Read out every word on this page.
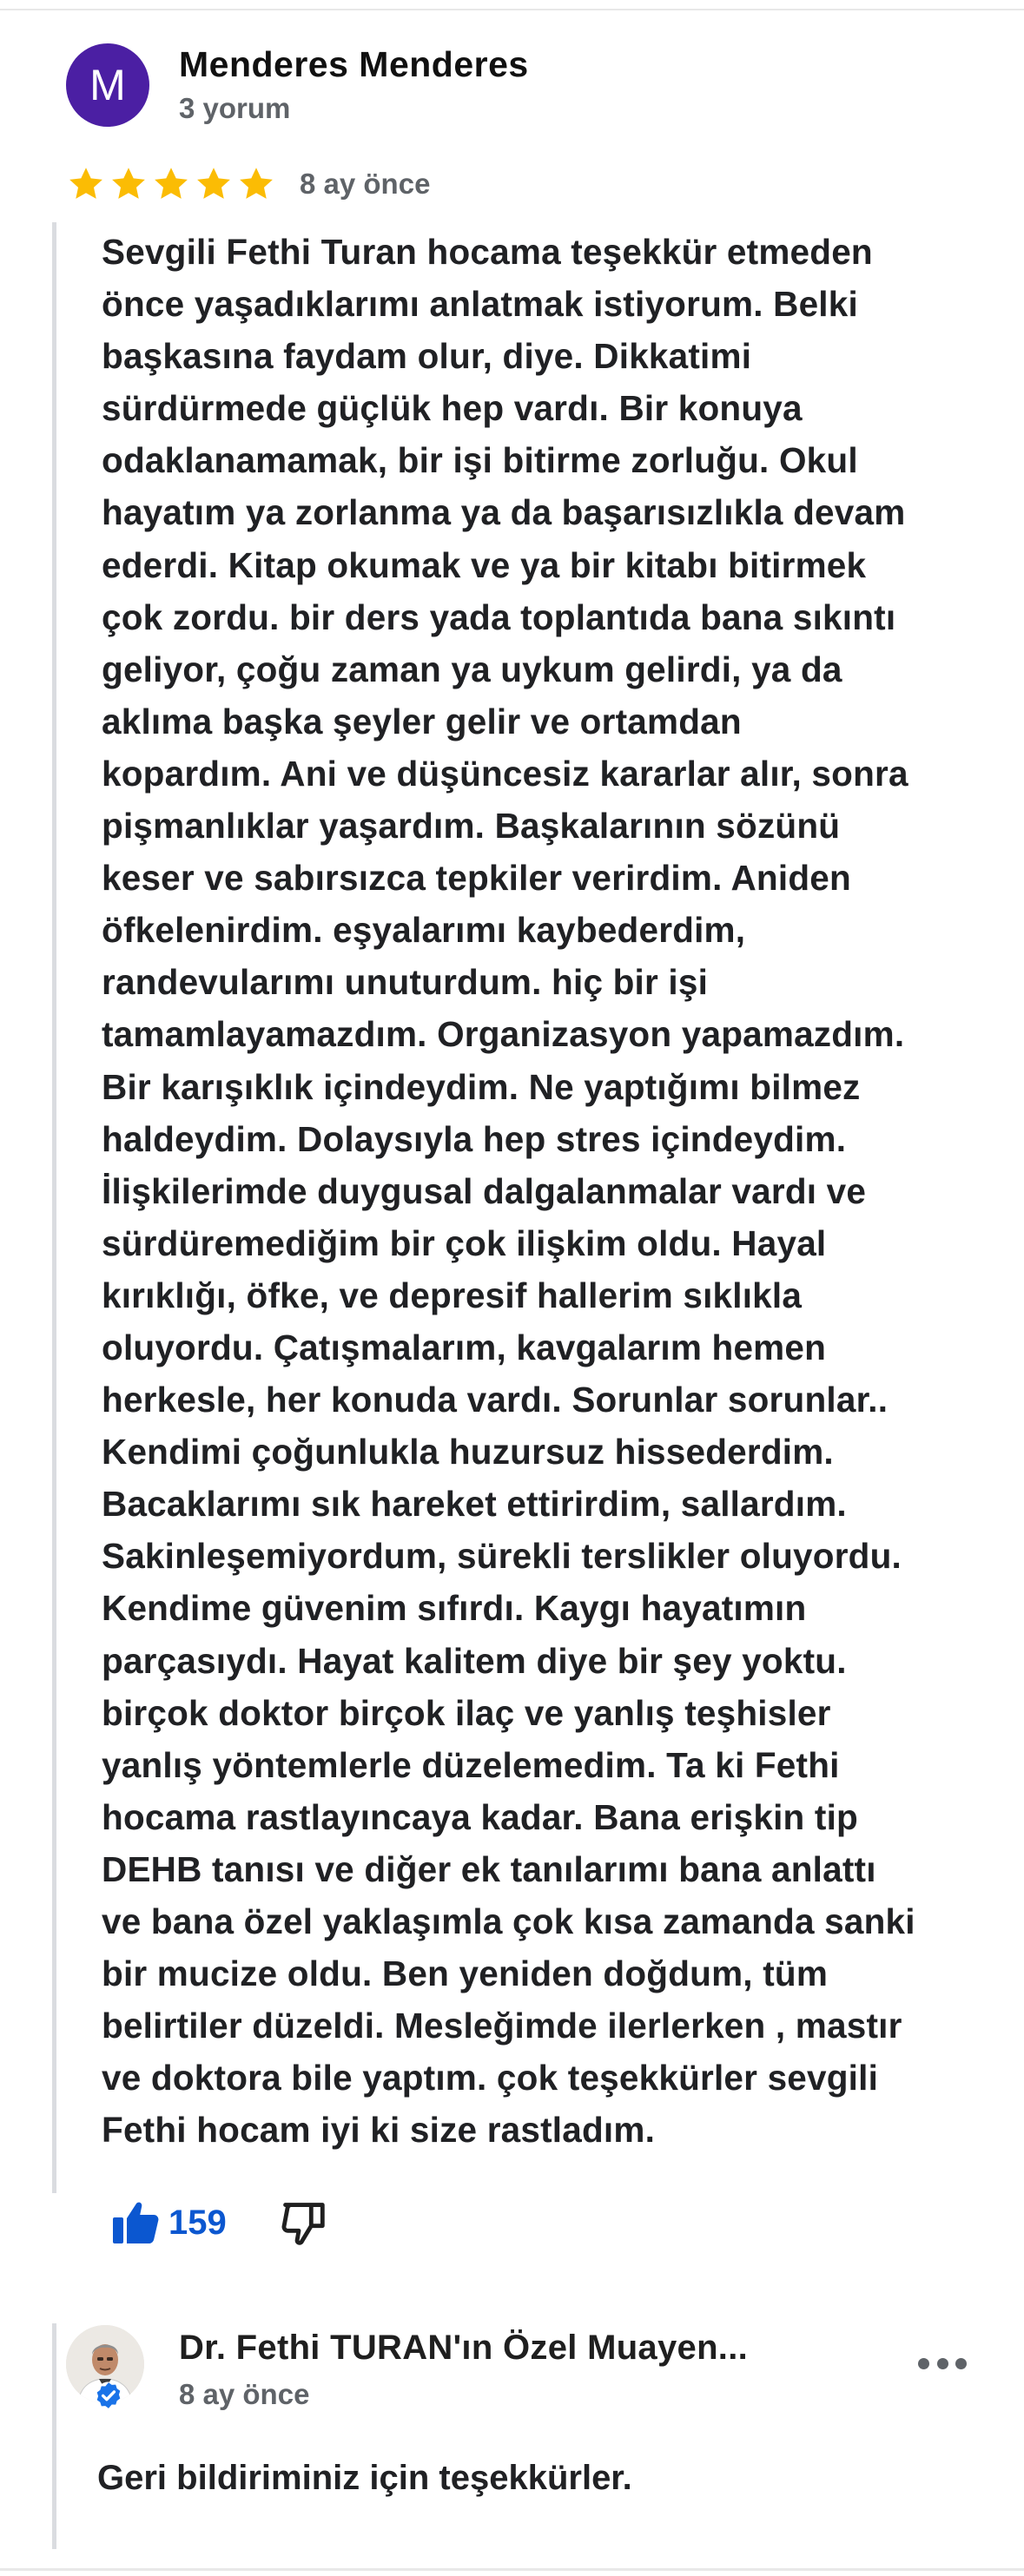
M Menderes Menderes
3 yorum
8 ay önce

Sevgili Fethi Turan hocama teşekkür etmeden
önce yaşadıklarımı anlatmak istiyorum. Belki
başkasına faydam olur, diye. Dikkatimi
sürdürmede güçlük hep vardı. Bir konuya
odaklanamamak, bir işi bitirme zorluğu. Okul
hayatım ya zorlanma ya da başarısızlıkla devam
ederdi. Kitap okumak ve ya bir kitabı bitirmek
çok zordu. bir ders yada toplantıda bana sıkıntı
geliyor, çoğu zaman ya uykum gelirdi, ya da
aklıma başka şeyler gelir ve ortamdan
kopardım. Ani ve düşüncesiz kararlar alır, sonra
pişmanlıklar yaşardım. Başkalarının sözünü
keser ve sabırsızca tepkiler verirdim. Aniden
öfkelenirdim. eşyalarımı kaybederdim,
randevularımı unuturdum. hiç bir işi
tamamlayamazdım. Organizasyon yapamazdım.
Bir karışıklık içindeydim. Ne yaptığımı bilmez
haldeydim. Dolaysıyla hep stres içindeydim.
İlişkilerimde duygusal dalgalanmalar vardı ve
sürdüremediğim bir çok ilişkim oldu. Hayal
kırıklığı, öfke, ve depresif hallerim sıklıkla
oluyordu. Çatışmalarım, kavgalarım hemen
herkesle, her konuda vardı. Sorunlar sorunlar..
Kendimi çoğunlukla huzursuz hissederdim.
Bacaklarımı sık hareket ettirirdim, sallardım.
Sakinleşemiyordum, sürekli terslikler oluyordu.
Kendime güvenim sıfırdı. Kaygı hayatımın
parçasıydı. Hayat kalitem diye bir şey yoktu.
birçok doktor birçok ilaç ve yanlış teşhisler
yanlış yöntemlerle düzelemedim. Ta ki Fethi
hocama rastlayıncaya kadar. Bana erişkin tip
DEHB tanısı ve diğer ek tanılarımı bana anlattı
ve bana özel yaklaşımla çok kısa zamanda sanki
bir mucize oldu. Ben yeniden doğdum, tüm
belirtiler düzeldi. Mesleğimde ilerlerken , mastır
ve doktora bile yaptım. çok teşekkürler sevgili
Fethi hocam iyi ki size rastladım.

159
Dr. Fethi TURAN'ın Özel Muayen...
8 ay önce
Geri bildiriminiz için teşekkürler.
